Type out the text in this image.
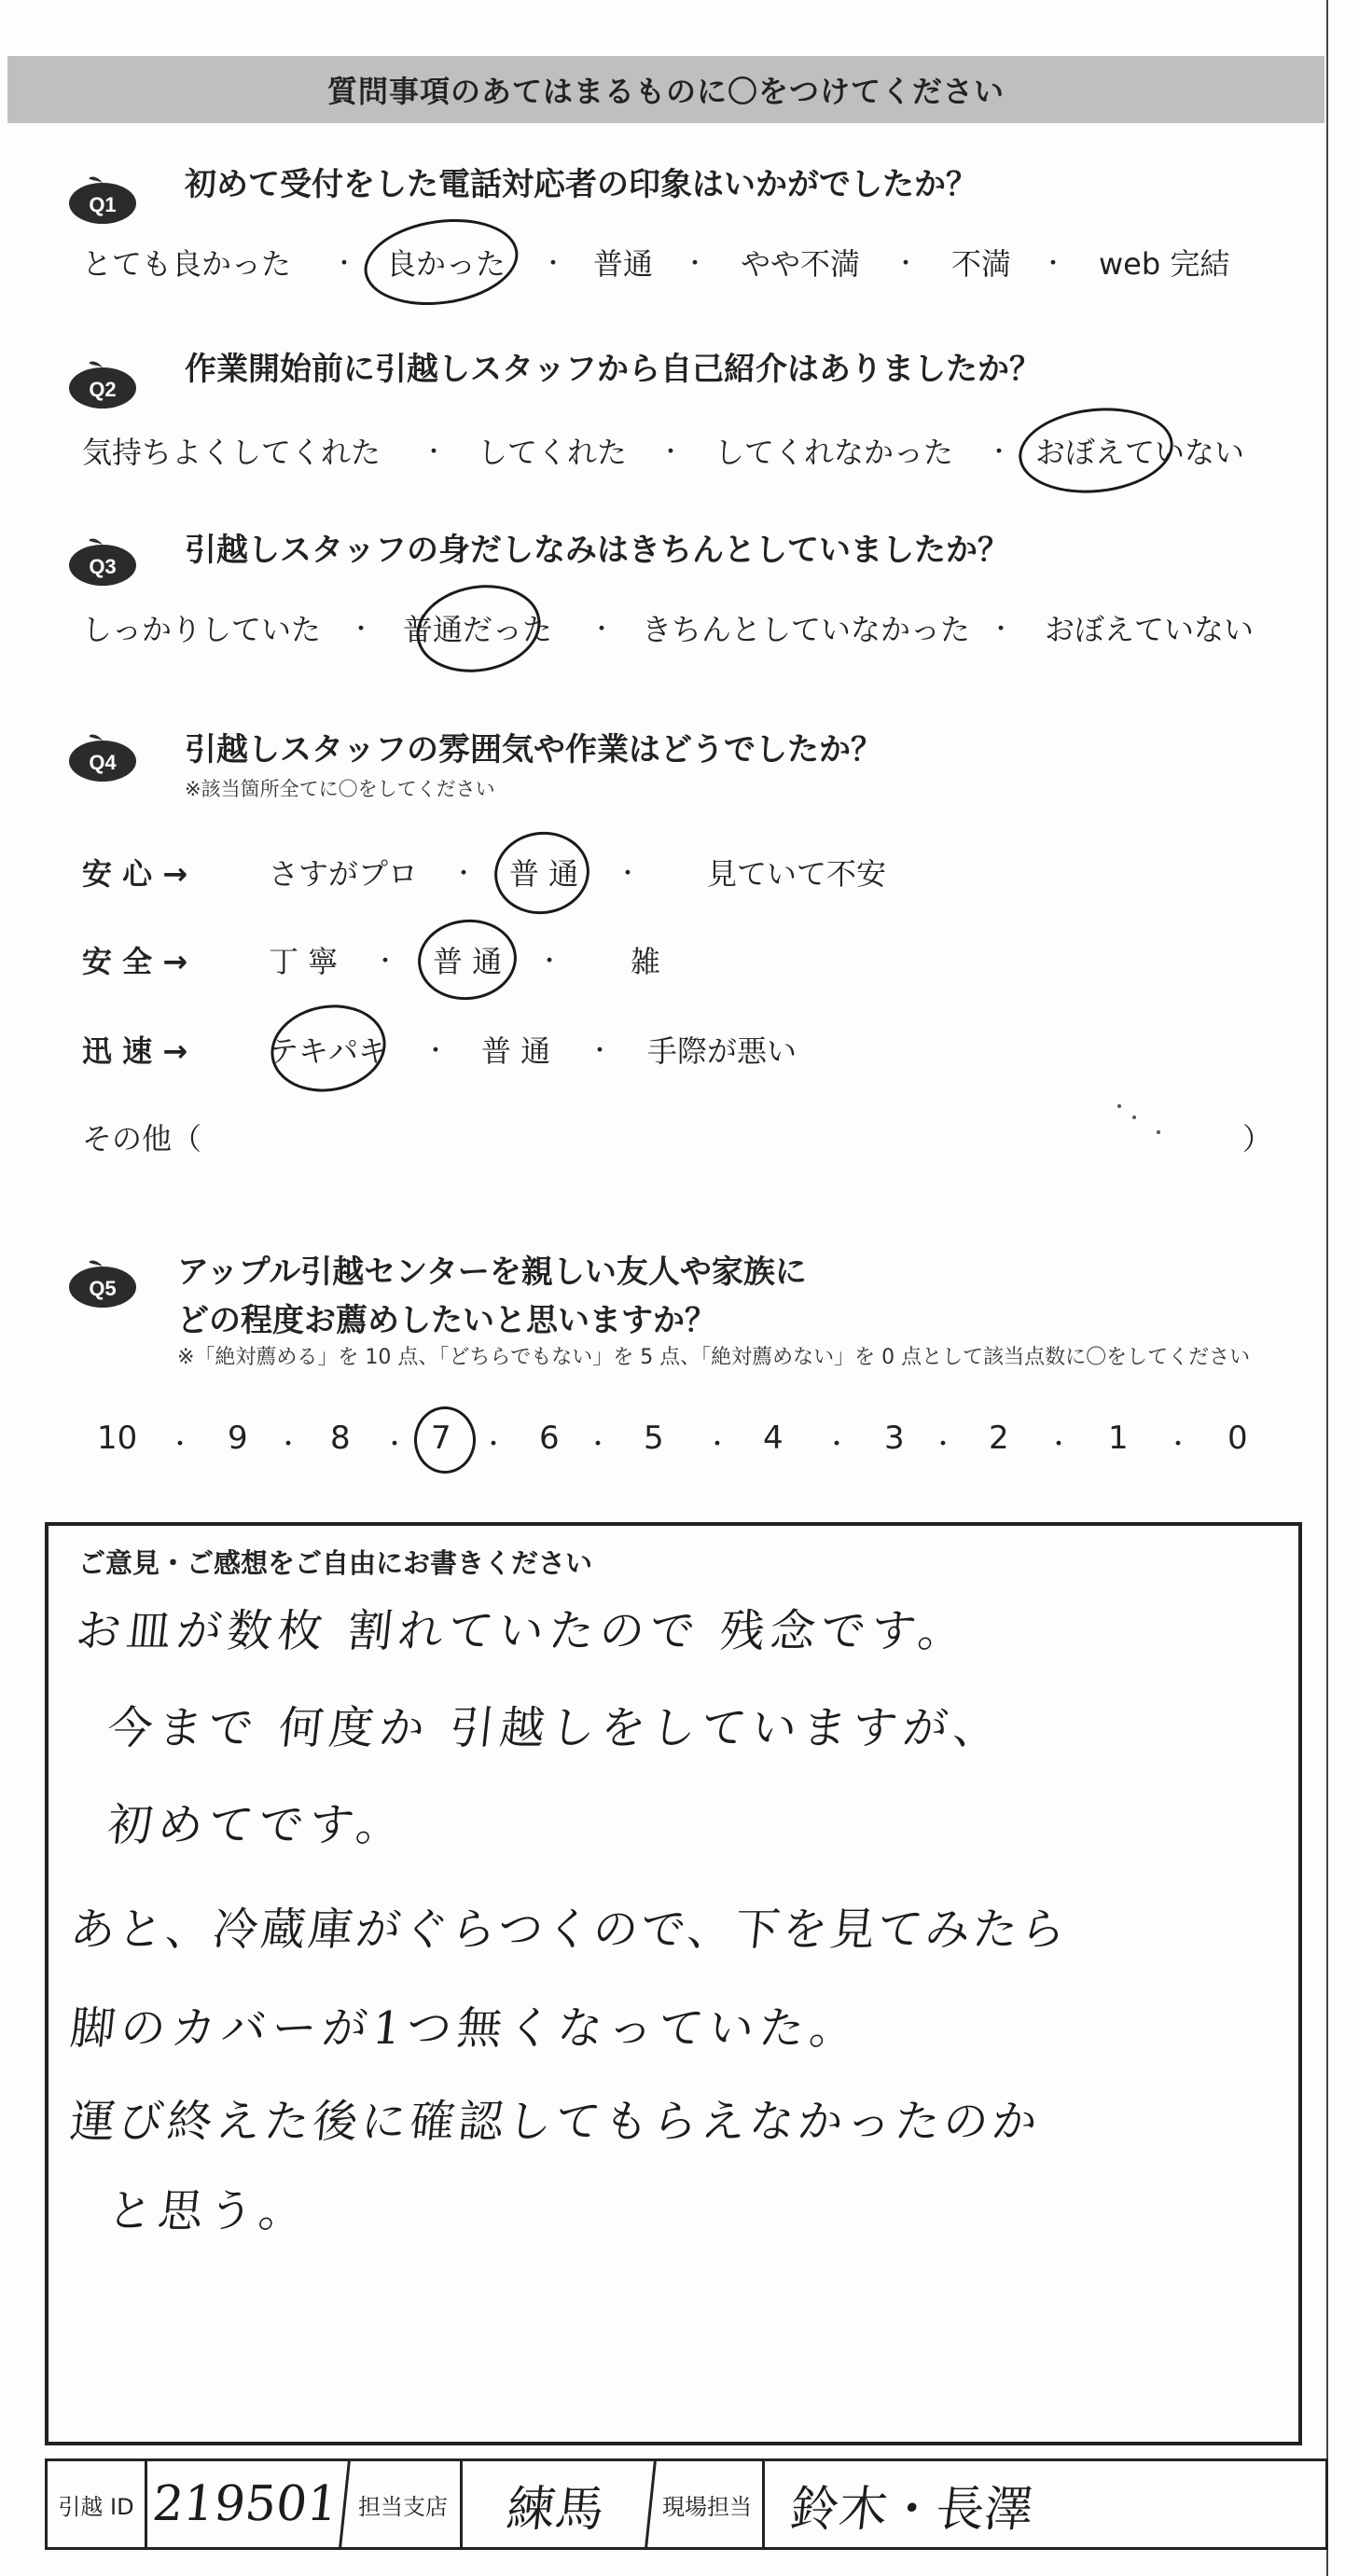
質問事項のあてはまるものに〇をつけてください
Q1
初めて受付をした電話対応者の印象はいかがでしたか？
とても良かった ・ 良かった ・ 普通 ・ やや不満 ・ 不満 ・ web 完結
Q2
作業開始前に引越しスタッフから自己紹介はありましたか？
気持ちよくしてくれた ・ してくれた ・ してくれなかった ・ おぼえていない
Q3 引越しスタッフの身だしなみはきちんとしていましたか？
しっかりしていた ・ 普通だった ・ きちんとしていなかった ・ おぼえていない
Q4 引越しスタッフの雰囲気や作業はどうでしたか？
※該当箇所全てに〇をしてください
安 心 →	さすがプロ ・ 普 通 ・ 見ていて不安
安 全 →	丁 寧 ・ 普 通 ・ 雑
迅 速 →	テキパキ ・ 普 通 ・ 手際が悪い
その他（	）
Q5 アップル引越センターを親しい友人や家族に
どの程度お薦めしたいと思いますか？
※「絶対薦める」を 10 点、「どちらでもない」を 5 点、「絶対薦めない」を 0 点として該当点数に〇をしてください
10 ・ 9 ・ 8 ・ 7 ・ 6 ・ 5 ・ 4 ・ 3 ・ 2 ・ 1 ・ 0
ご意見・ご感想をご自由にお書きください
お皿が数枚 割れていたので 残念です。
今まで 何度か 引越しをしていますが、
初めてです。
あと、冷蔵庫がぐらつくので、下を見てみたら
脚のカバーが1つ無くなっていた。
運び終えた後に確認してもらえなかったのか
と思う。
引越 ID 219501 担当支店	練馬	現場担当 鈴木・長澤
